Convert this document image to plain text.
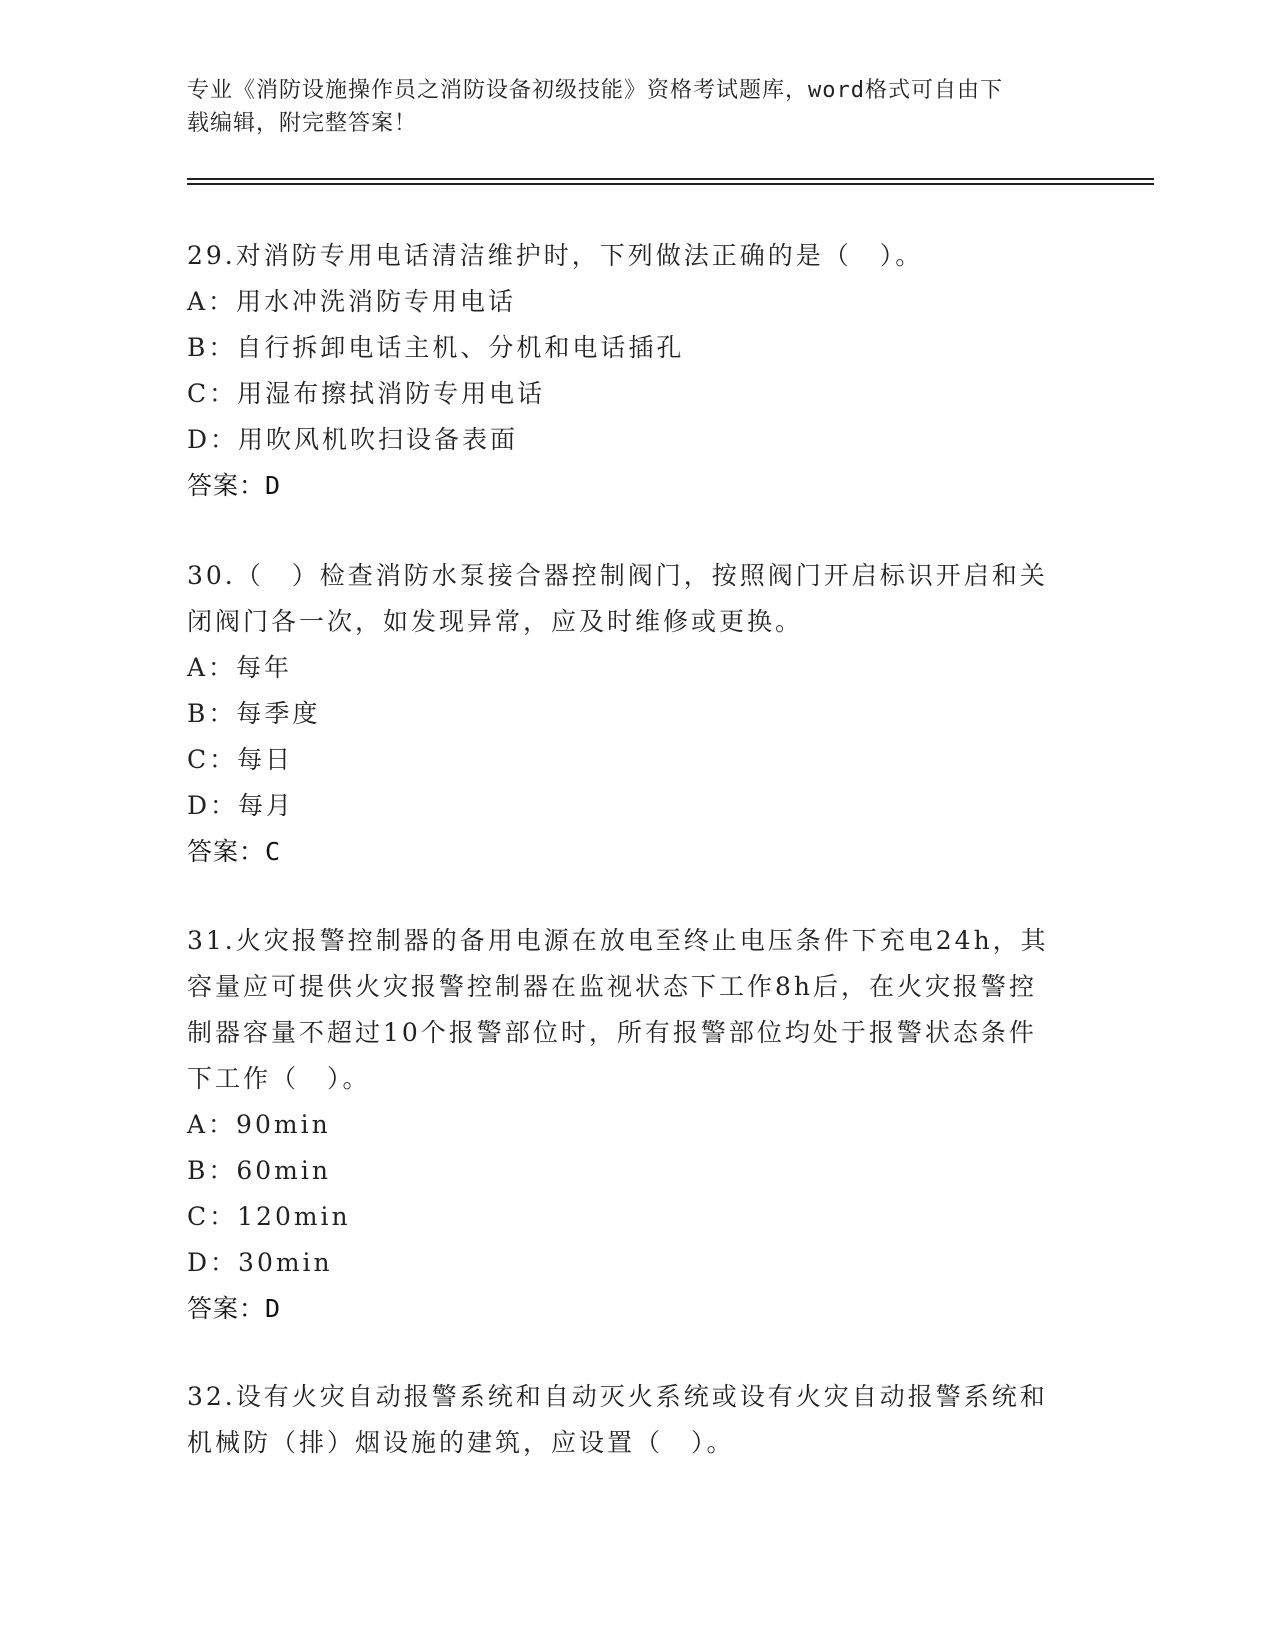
专业《消防设施操作员之消防设备初级技能》资格考试题库，word格式可自由下
载编辑，附完整答案！
29.对消防专用电话清洁维护时，下列做法正确的是（　）。
A：用水冲洗消防专用电话
B：自行拆卸电话主机、分机和电话插孔
C：用湿布擦拭消防专用电话
D：用吹风机吹扫设备表面
答案：D
30.（　）检查消防水泵接合器控制阀门，按照阀门开启标识开启和关
闭阀门各一次，如发现异常，应及时维修或更换。
A：每年
B：每季度
C：每日
D：每月
答案：C
31.火灾报警控制器的备用电源在放电至终止电压条件下充电24h，其
容量应可提供火灾报警控制器在监视状态下工作8h后，在火灾报警控
制器容量不超过10个报警部位时，所有报警部位均处于报警状态条件
下工作（　）。
A：90min
B：60min
C：120min
D：30min
答案：D
32.设有火灾自动报警系统和自动灭火系统或设有火灾自动报警系统和
机械防（排）烟设施的建筑，应设置（　）。
